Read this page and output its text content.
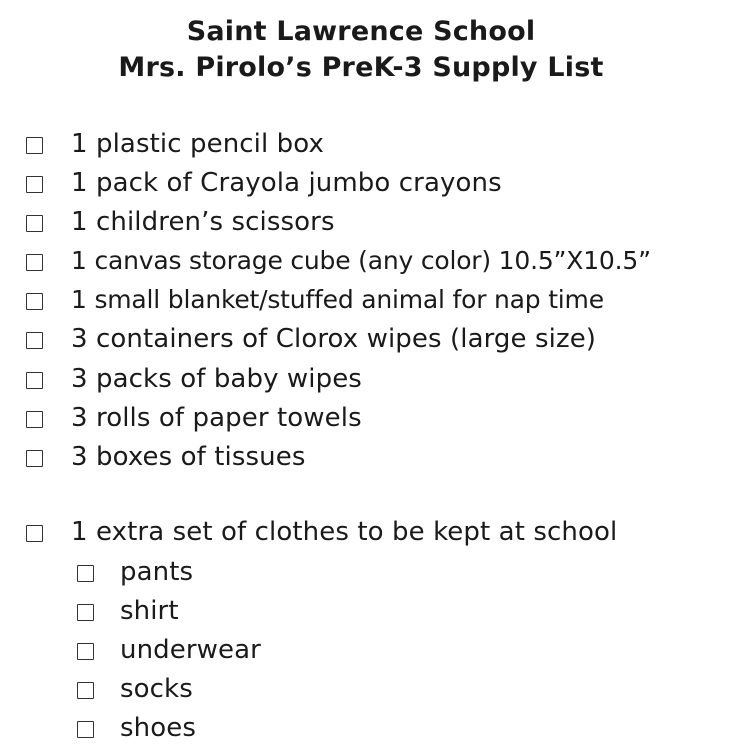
Saint Lawrence School
Mrs. Pirolo’s PreK-3 Supply List
1 plastic pencil box
1 pack of Crayola jumbo crayons
1 children’s scissors
1 canvas storage cube (any color) 10.5”X10.5”
1 small blanket/stuffed animal for nap time
3 containers of Clorox wipes (large size)
3 packs of baby wipes
3 rolls of paper towels
3 boxes of tissues
1 extra set of clothes to be kept at school
pants
shirt
underwear
socks
shoes
